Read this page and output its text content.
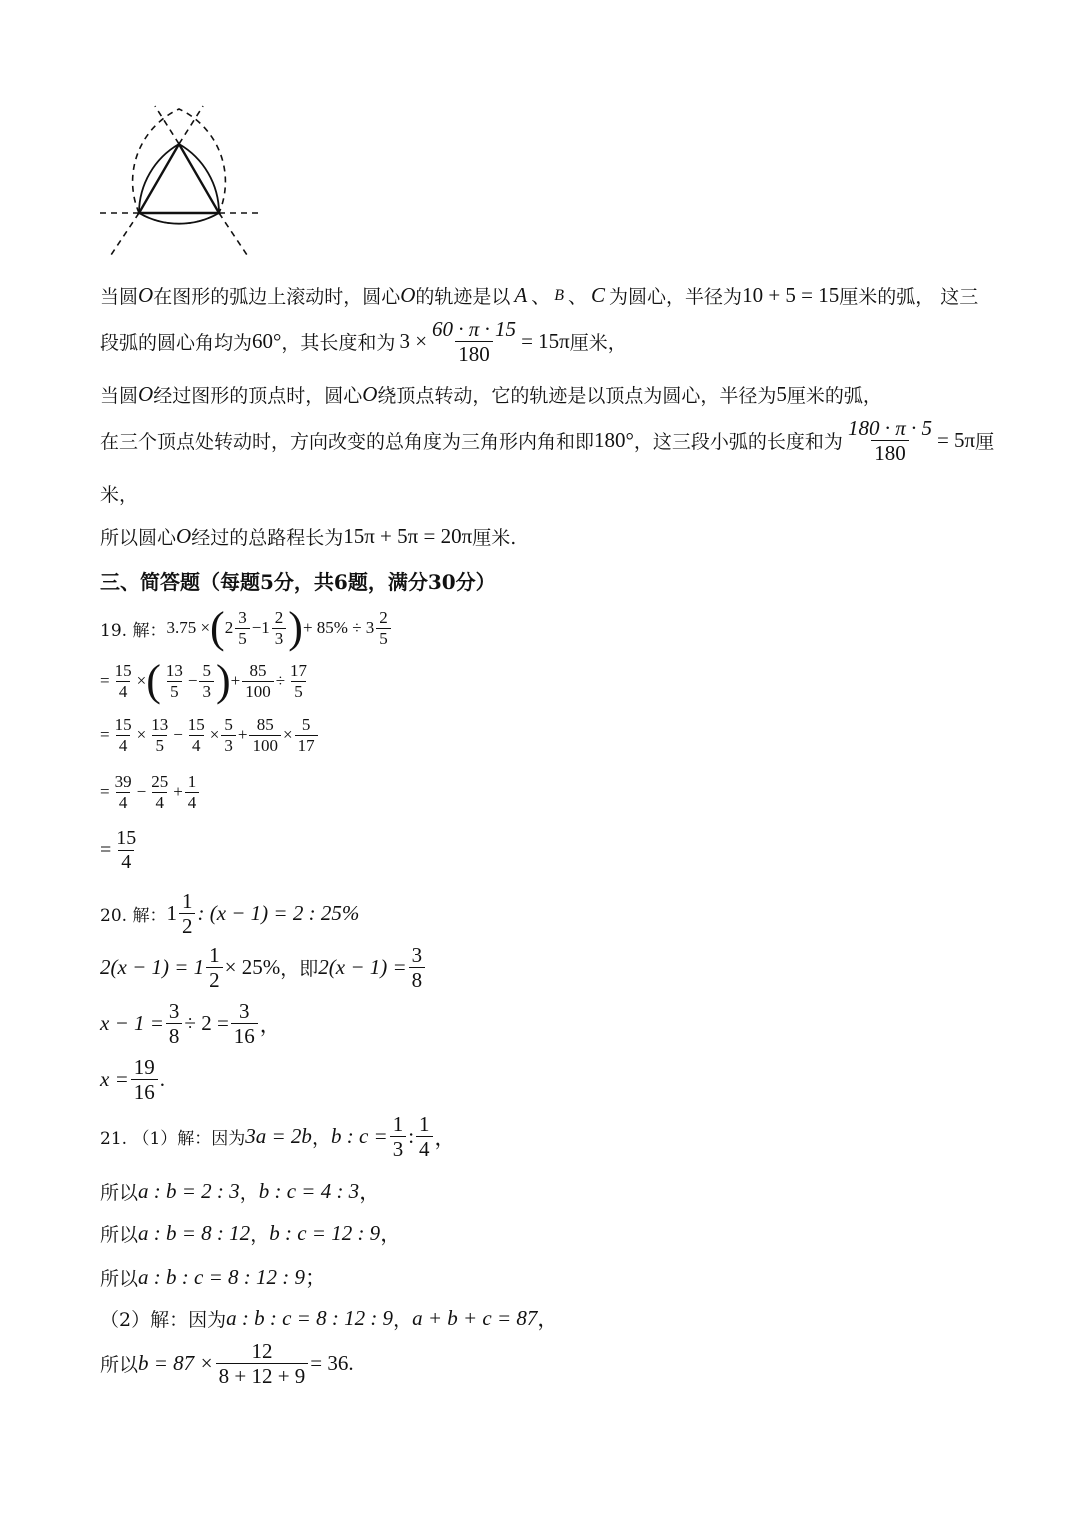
当圆 O 在图形的弧边上滚动时，圆心 O 的轨迹是以 A 、 B 、 C 为圆心，半径为 10 + 5 = 15 厘米的弧， 这三
段弧的圆心角均为 60° ，其长度和为 $3 \times \frac{60 \cdot \pi \cdot 15}{180} = 15\pi$ 厘米，
当圆 O 经过图形的顶点时，圆心 O 绕顶点转动，它的轨迹是以顶点为圆心，半径为 5 厘米的弧，
在三个顶点处转动时，方向改变的总角度为三角形内角和即 180° ，这三段小弧的长度和为 $\frac{180 \cdot \pi \cdot 5}{180} = 5\pi$ 厘
米，
所以圆心 O 经过的总路程长为 15π + 5π = 20π 厘米.
三、简答题（每题5分，共6题，满分30分）
19. 解： 3.75 × ( $2 \frac{3}{5} - 1 \frac{2}{3}$ ) + $85\% \div 3 \frac{2}{5}$
= $\frac{15}{4}$ × ( $\frac{13}{5} - \frac{5}{3}$ ) + $\frac{85}{100} \div \frac{17}{5}$
= $\frac{15}{4} \times \frac{13}{5} - \frac{15}{4} \times \frac{5}{3} + \frac{85}{100} \times \frac{5}{17}$
= $\frac{39}{4} - \frac{25}{4} + \frac{1}{4}$
= $\frac{15}{4}$
20. 解： $1 \frac{1}{2}$ : (x − 1) = 2 : 25%
$2(x - 1) = 1 \frac{1}{2} \times 25\%$ ，即 $2(x - 1) = \frac{3}{8}$
$x - 1 = \frac{3}{8} \div 2 = \frac{3}{16}$ ，
$x = \frac{19}{16}$ .
21. （1）解：因为 3a = 2b ， b : $c = \frac{1}{3}$ : $\frac{1}{4}$ ，
所以 a : b = 2 : 3 ， b : c = 4 : 3 ，
所以 a : b = 8 : 12 ， b : c = 12 : 9 ，
所以 a : b : c = 8 : 12 : 9 ；
（2）解：因为 a : b : c = 8 : 12 : 9 ， a + b + c = 87 ，
所以 $b = 87 \times \frac{12}{8 + 12 + 9} = 36$ .
